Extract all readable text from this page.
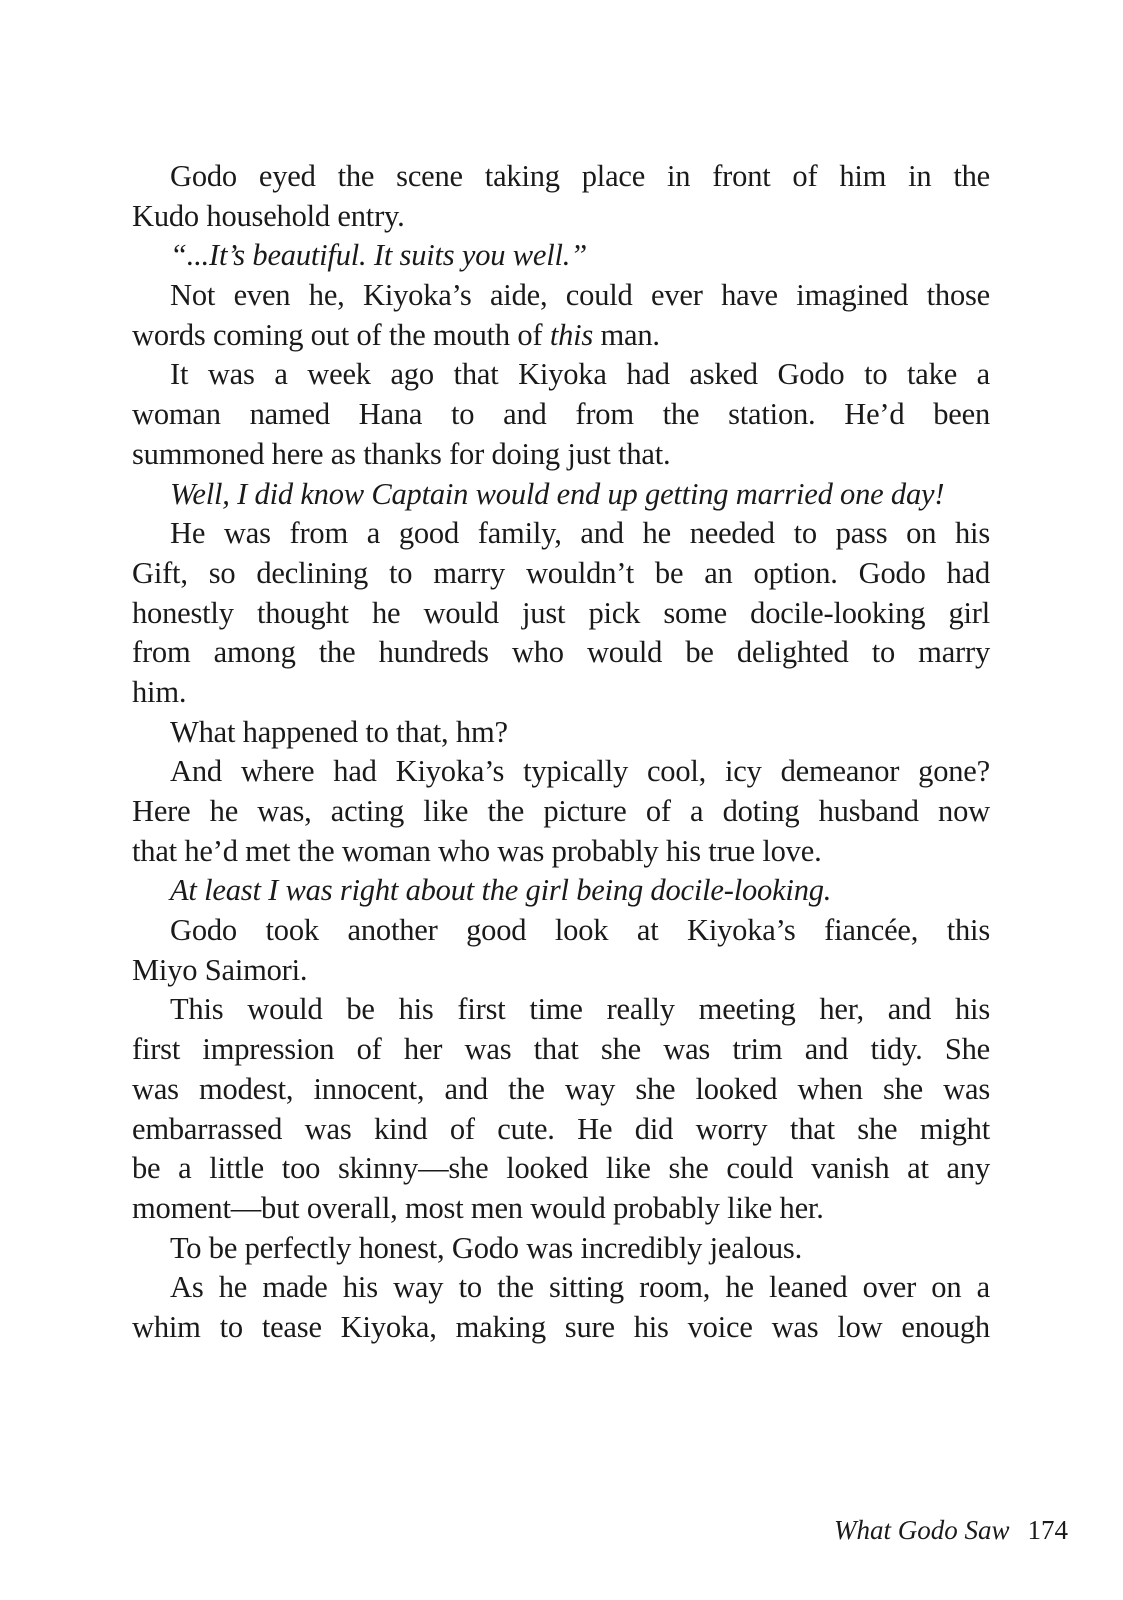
Godo eyed the scene taking place in front of him in the
Kudo household entry.
“...It’s beautiful. It suits you well.”
Not even he, Kiyoka’s aide, could ever have imagined those
words coming out of the mouth of this man.
It was a week ago that Kiyoka had asked Godo to take a
woman named Hana to and from the station. He’d been
summoned here as thanks for doing just that.
Well, I did know Captain would end up getting married one day!
He was from a good family, and he needed to pass on his
Gift, so declining to marry wouldn’t be an option. Godo had
honestly thought he would just pick some docile-looking girl
from among the hundreds who would be delighted to marry
him.
What happened to that, hm?
And where had Kiyoka’s typically cool, icy demeanor gone?
Here he was, acting like the picture of a doting husband now
that he’d met the woman who was probably his true love.
At least I was right about the girl being docile-looking.
Godo took another good look at Kiyoka’s fiancée, this
Miyo Saimori.
This would be his first time really meeting her, and his
first impression of her was that she was trim and tidy. She
was modest, innocent, and the way she looked when she was
embarrassed was kind of cute. He did worry that she might
be a little too skinny—she looked like she could vanish at any
moment—but overall, most men would probably like her.
To be perfectly honest, Godo was incredibly jealous.
As he made his way to the sitting room, he leaned over on a
whim to tease Kiyoka, making sure his voice was low enough
What Godo Saw 174
